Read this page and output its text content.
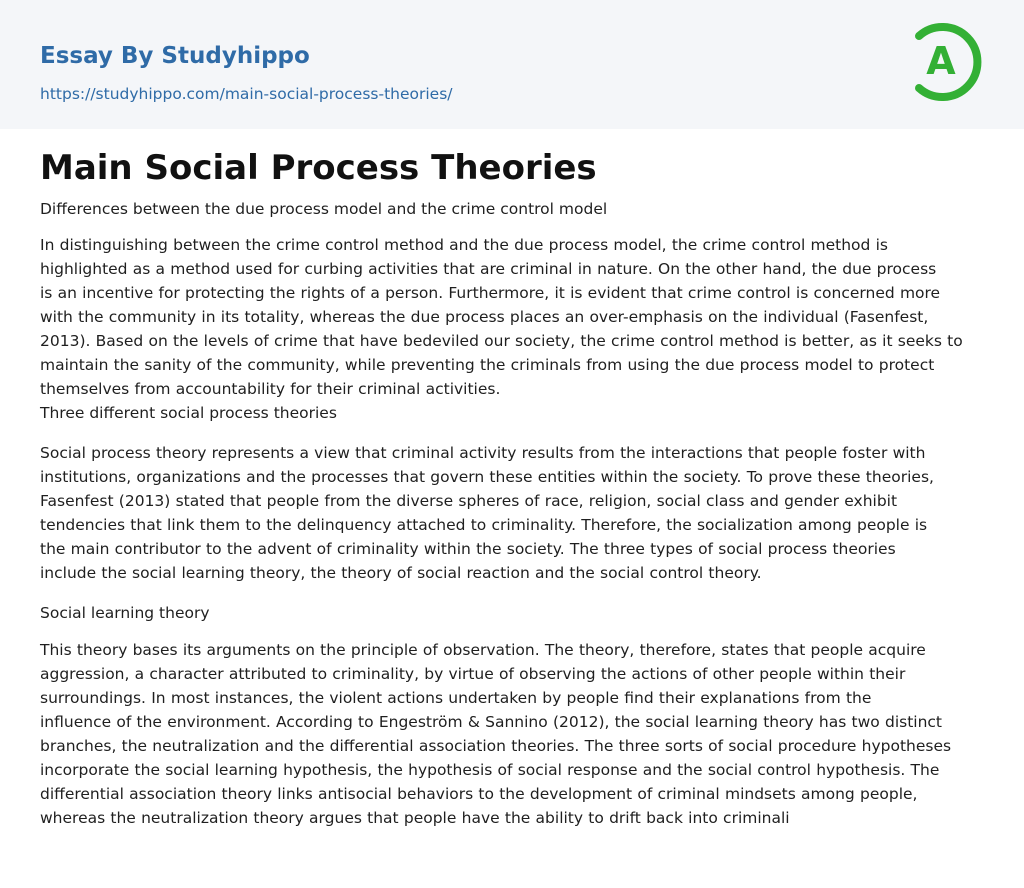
Essay By Studyhippo
https://studyhippo.com/main-social-process-theories/
A
Main Social Process Theories

Differences between the due process model and the crime control model

In distinguishing between the crime control method and the due process model, the crime control method is
highlighted as a method used for curbing activities that are criminal in nature. On the other hand, the due process
is an incentive for protecting the rights of a person. Furthermore, it is evident that crime control is concerned more
with the community in its totality, whereas the due process places an over-emphasis on the individual (Fasenfest,
2013). Based on the levels of crime that have bedeviled our society, the crime control method is better, as it seeks to
maintain the sanity of the community, while preventing the criminals from using the due process model to protect
themselves from accountability for their criminal activities.

Three different social process theories

Social process theory represents a view that criminal activity results from the interactions that people foster with
institutions, organizations and the processes that govern these entities within the society. To prove these theories,
Fasenfest (2013) stated that people from the diverse spheres of race, religion, social class and gender exhibit
tendencies that link them to the delinquency attached to criminality. Therefore, the socialization among people is
the main contributor to the advent of criminality within the society. The three types of social process theories
include the social learning theory, the theory of social reaction and the social control theory.

Social learning theory

This theory bases its arguments on the principle of observation. The theory, therefore, states that people acquire
aggression, a character attributed to criminality, by virtue of observing the actions of other people within their
surroundings. In most instances, the violent actions undertaken by people find their explanations from the
influence of the environment. According to Engeström & Sannino (2012), the social learning theory has two distinct
branches, the neutralization and the differential association theories. The three sorts of social procedure hypotheses
incorporate the social learning hypothesis, the hypothesis of social response and the social control hypothesis. The
differential association theory links antisocial behaviors to the development of criminal mindsets among people,
whereas the neutralization theory argues that people have the ability to drift back into criminali
